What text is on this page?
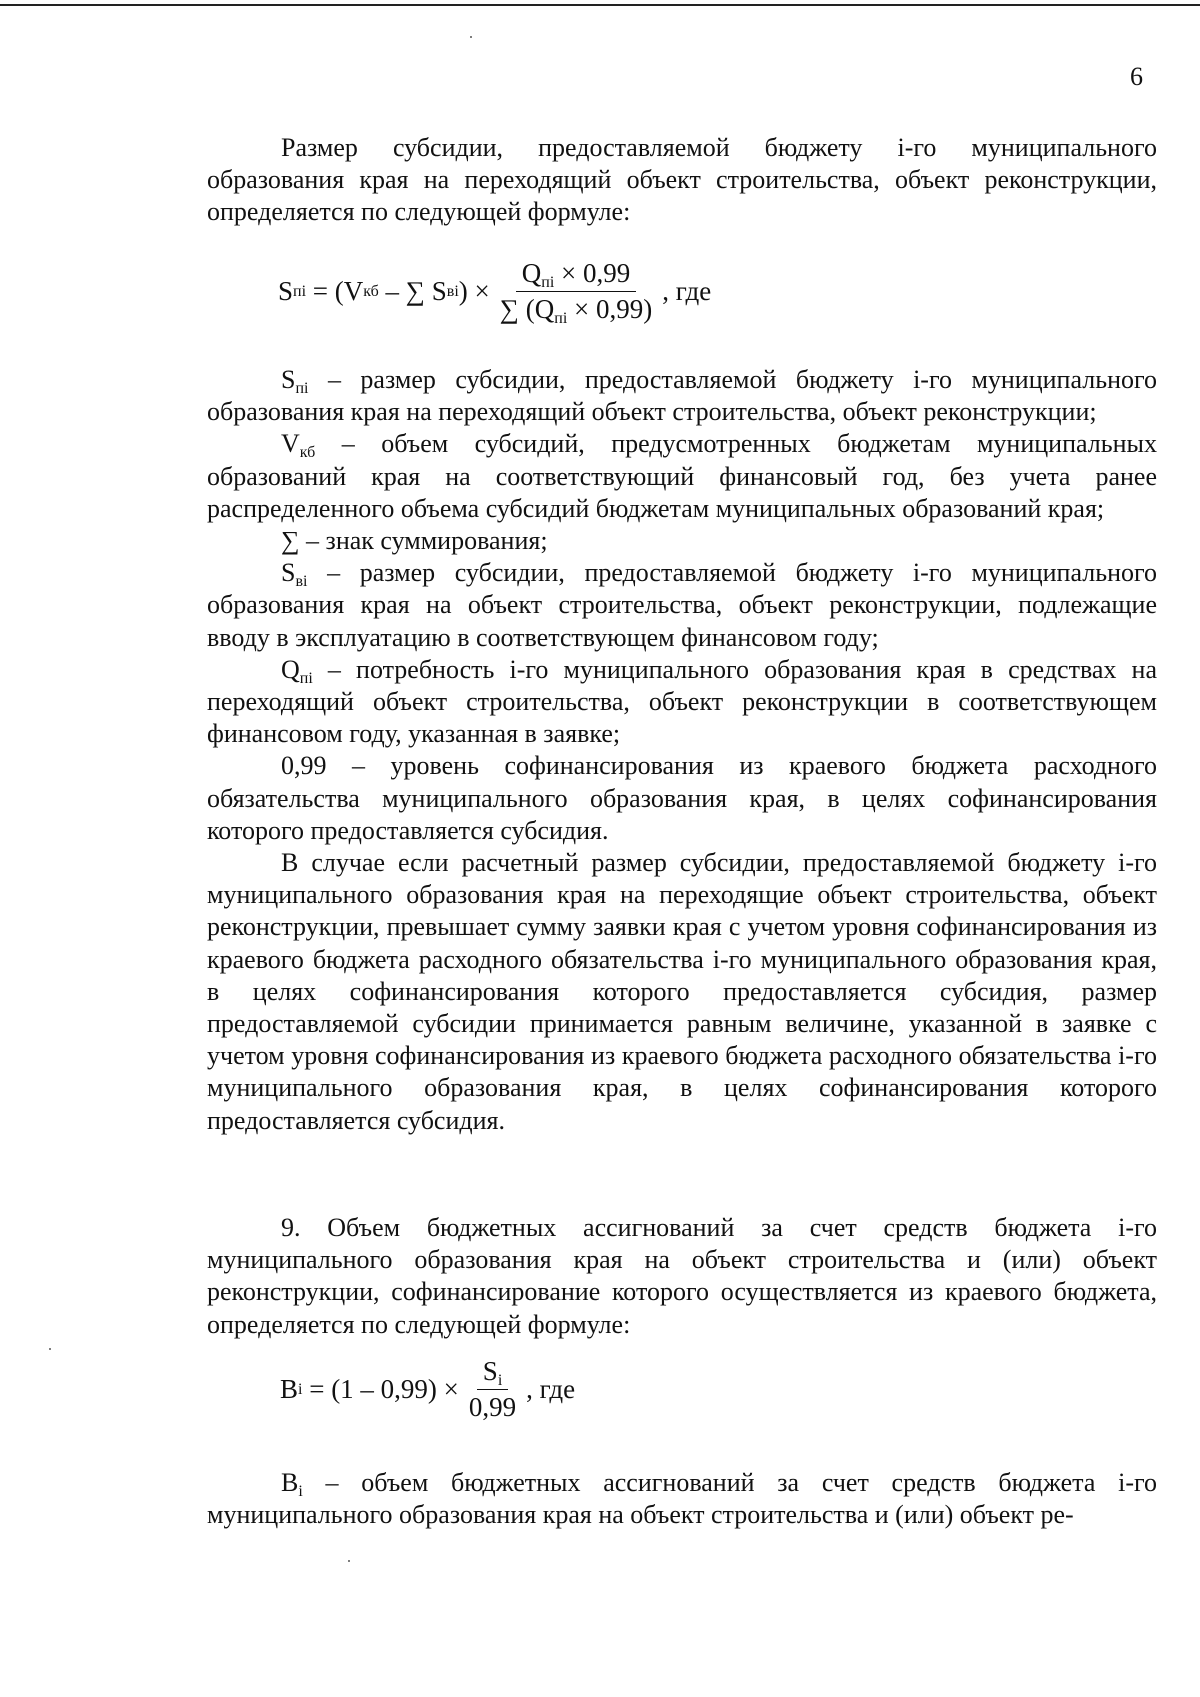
6

Размер субсидии, предоставляемой бюджету i-го муниципального образования края на переходящий объект строительства, объект реконструкции, определяется по следующей формуле:

S пi = (V кб – ∑ S вi ) × $\frac{Q_{пi} \times 0,99}{\sum (Q_{пi} \times 0,99)}$ , где

$S_{пi}$ – размер субсидии, предоставляемой бюджету i-го муниципального образования края на переходящий объект строительства, объект реконструкции;

$V_{кб}$ – объем субсидий, предусмотренных бюджетам муниципальных образований края на соответствующий финансовый год, без учета ранее распределенного объема субсидий бюджетам муниципальных образований края;

∑ – знак суммирования;

$S_{вi}$ – размер субсидии, предоставляемой бюджету i-го муниципального образования края на объект строительства, объект реконструкции, подлежащие вводу в эксплуатацию в соответствующем финансовом году;

$Q_{пi}$ – потребность i-го муниципального образования края в средствах на переходящий объект строительства, объект реконструкции в соответствующем финансовом году, указанная в заявке;

0,99 – уровень софинансирования из краевого бюджета расходного обязательства муниципального образования края, в целях софинансирования которого предоставляется субсидия.

В случае если расчетный размер субсидии, предоставляемой бюджету i-го муниципального образования края на переходящие объект строительства, объект реконструкции, превышает сумму заявки края с учетом уровня софинансирования из краевого бюджета расходного обязательства i-го муниципального образования края, в целях софинансирования которого предоставляется субсидия, размер предоставляемой субсидии принимается равным величине, указанной в заявке с учетом уровня софинансирования из краевого бюджета расходного обязательства i-го муниципального образования края, в целях софинансирования которого предоставляется субсидия.

9. Объем бюджетных ассигнований за счет средств бюджета i-го муниципального образования края на объект строительства и (или) объект реконструкции, софинансирование которого осуществляется из краевого бюджета, определяется по следующей формуле:

B $i = (1 - 0,99) \times \frac{S_i}{0,99}$ , где

$B_i$ – объем бюджетных ассигнований за счет средств бюджета i-го муниципального образования края на объект строительства и (или) объект ре-
